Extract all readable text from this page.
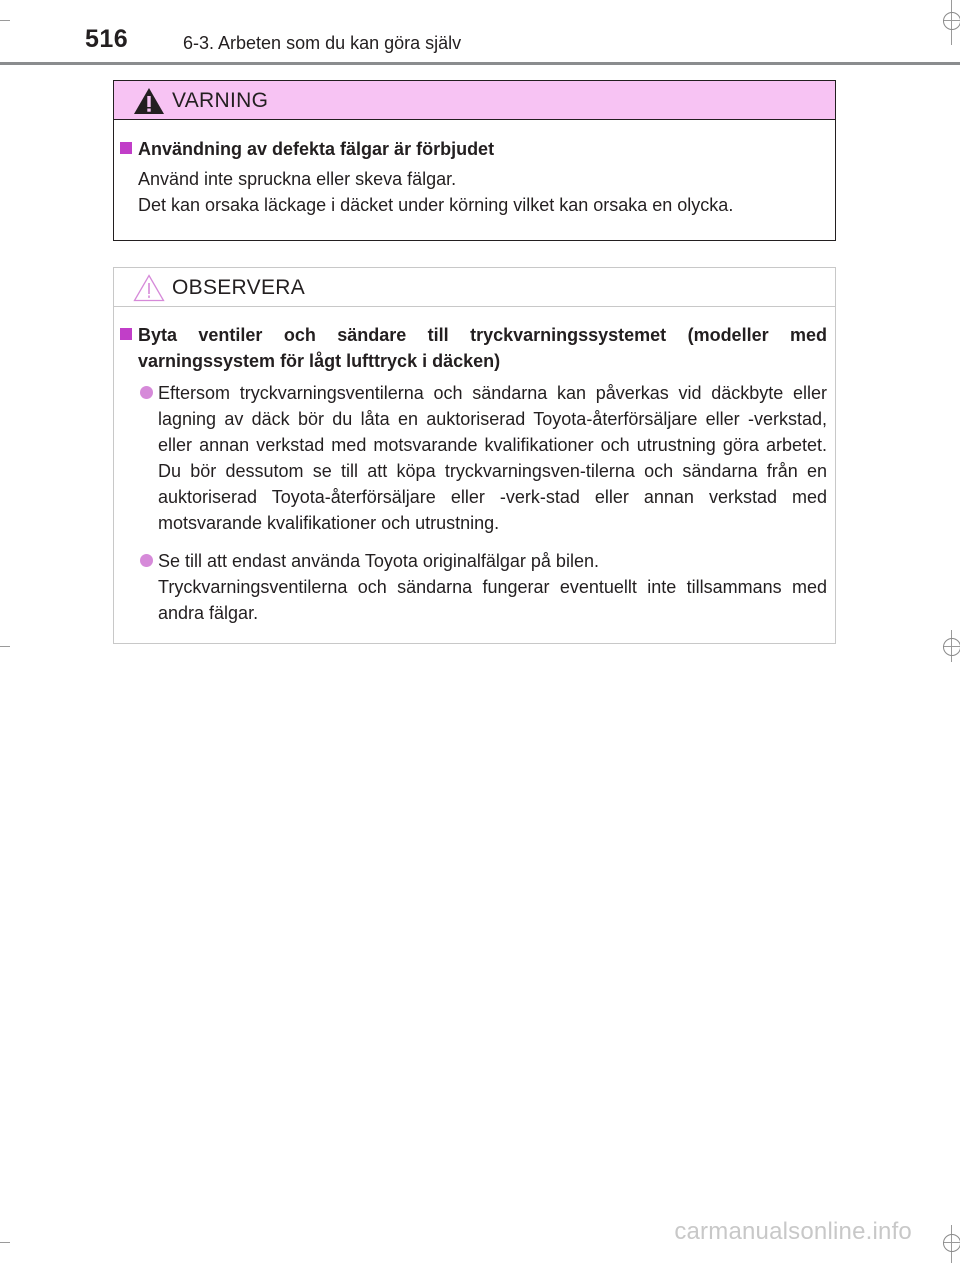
516	6-3. Arbeten som du kan göra själv
VARNING
Användning av defekta fälgar är förbjudet
Använd inte spruckna eller skeva fälgar.
Det kan orsaka läckage i däcket under körning vilket kan orsaka en olycka.
OBSERVERA
Byta ventiler och sändare till tryckvarningssystemet (modeller med varningssystem för lågt lufttryck i däcken)
Eftersom tryckvarningsventilerna och sändarna kan påverkas vid däckbyte eller lagning av däck bör du låta en auktoriserad Toyota-återförsäljare eller -verkstad, eller annan verkstad med motsvarande kvalifikationer och utrustning göra arbetet. Du bör dessutom se till att köpa tryckvarningsven-tilerna och sändarna från en auktoriserad Toyota-återförsäljare eller -verk-stad eller annan verkstad med motsvarande kvalifikationer och utrustning.
Se till att endast använda Toyota originalfälgar på bilen.
Tryckvarningsventilerna och sändarna fungerar eventuellt inte tillsammans med andra fälgar.
carmanualsonline.info
